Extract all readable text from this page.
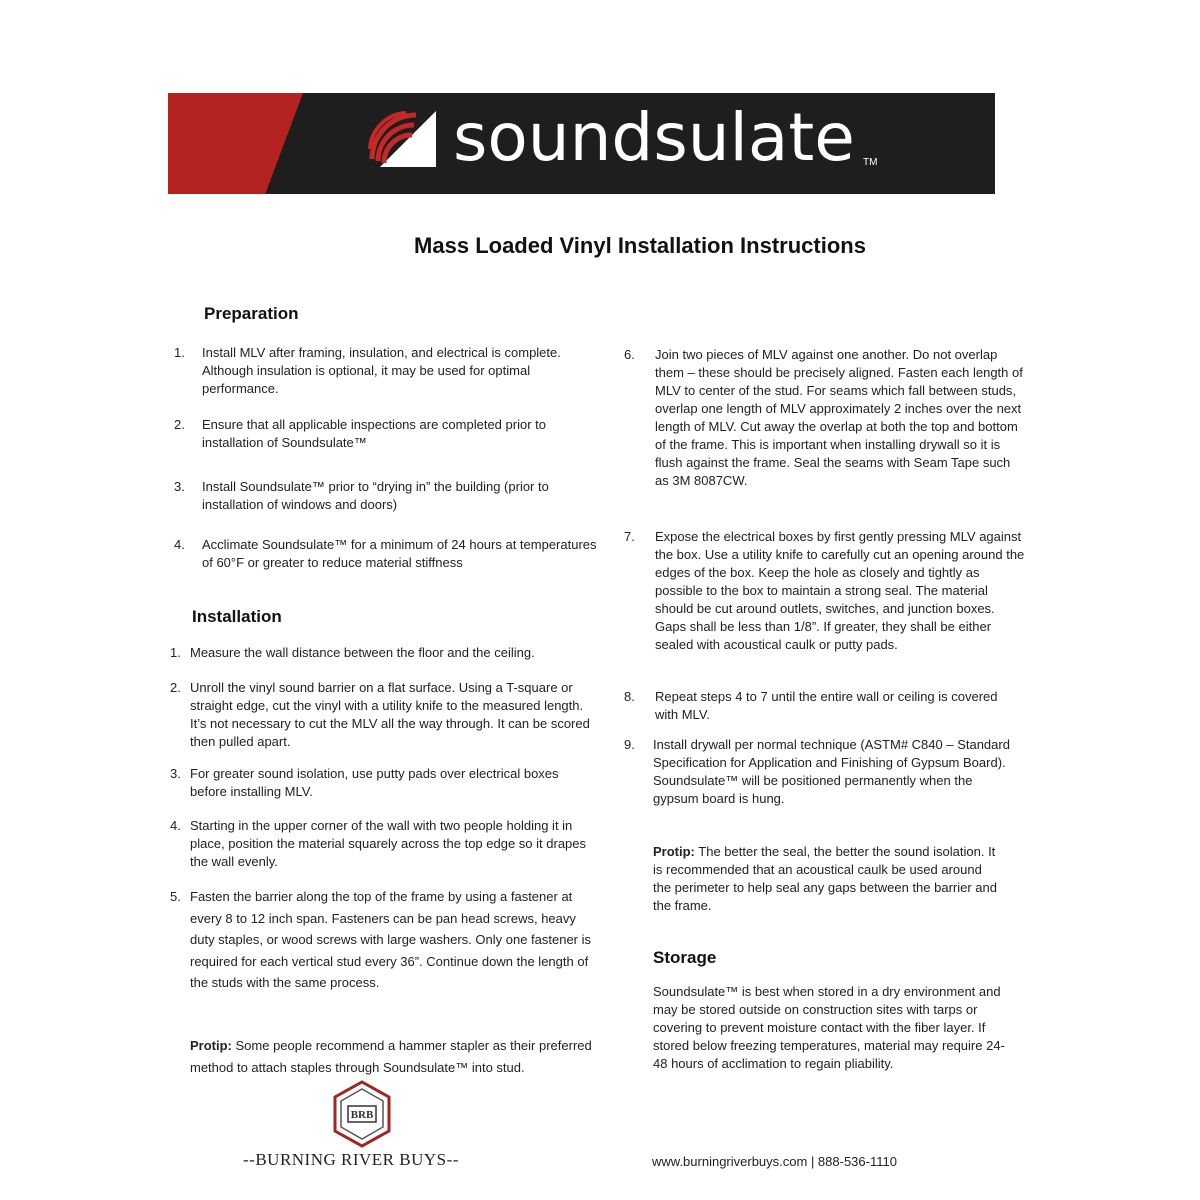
soundsulate TM
Mass Loaded Vinyl Installation Instructions
Preparation
1.	Install MLV after framing, insulation, and electrical is complete. Although insulation is optional, it may be used for optimal performance.
2.	Ensure that all applicable inspections are completed prior to installation of Soundsulate™
3.	Install Soundsulate™ prior to “drying in” the building (prior to installation of windows and doors)
4.	Acclimate Soundsulate™ for a minimum of 24 hours at temperatures of 60°F or greater to reduce material stiffness
Installation
1. Measure the wall distance between the floor and the ceiling.
2. Unroll the vinyl sound barrier on a flat surface. Using a T-square or straight edge, cut the vinyl with a utility knife to the measured length. It’s not necessary to cut the MLV all the way through. It can be scored then pulled apart.
3. For greater sound isolation, use putty pads over electrical boxes before installing MLV.
4. Starting in the upper corner of the wall with two people holding it in place, position the material squarely across the top edge so it drapes the wall evenly.
5. Fasten the barrier along the top of the frame by using a fastener at every 8 to 12 inch span. Fasteners can be pan head screws, heavy duty staples, or wood screws with large washers. Only one fastener is required for each vertical stud every 36”. Continue down the length of the studs with the same process.
Protip: Some people recommend a hammer stapler as their preferred method to attach staples through Soundsulate™ into stud.
6.	Join two pieces of MLV against one another. Do not overlap them – these should be precisely aligned. Fasten each length of MLV to center of the stud. For seams which fall between studs, overlap one length of MLV approximately 2 inches over the next length of MLV. Cut away the overlap at both the top and bottom of the frame. This is important when installing drywall so it is flush against the frame. Seal the seams with Seam Tape such as 3M 8087CW.
7.	Expose the electrical boxes by first gently pressing MLV against the box. Use a utility knife to carefully cut an opening around the edges of the box. Keep the hole as closely and tightly as possible to the box to maintain a strong seal. The material should be cut around outlets, switches, and junction boxes. Gaps shall be less than 1/8”. If greater, they shall be either sealed with acoustical caulk or putty pads.
8.	Repeat steps 4 to 7 until the entire wall or ceiling is covered with MLV.
9.	Install drywall per normal technique (ASTM# C840 – Standard Specification for Application and Finishing of Gypsum Board). Soundsulate™ will be positioned permanently when the gypsum board is hung.
Protip: The better the seal, the better the sound isolation. It is recommended that an acoustical caulk be used around the perimeter to help seal any gaps between the barrier and the frame.
Storage
Soundsulate™ is best when stored in a dry environment and may be stored outside on construction sites with tarps or covering to prevent moisture contact with the fiber layer. If stored below freezing temperatures, material may require 24-48 hours of acclimation to regain pliability.
BRB
--BURNING RIVER BUYS--	www.burningriverbuys.com | 888-536-1110
